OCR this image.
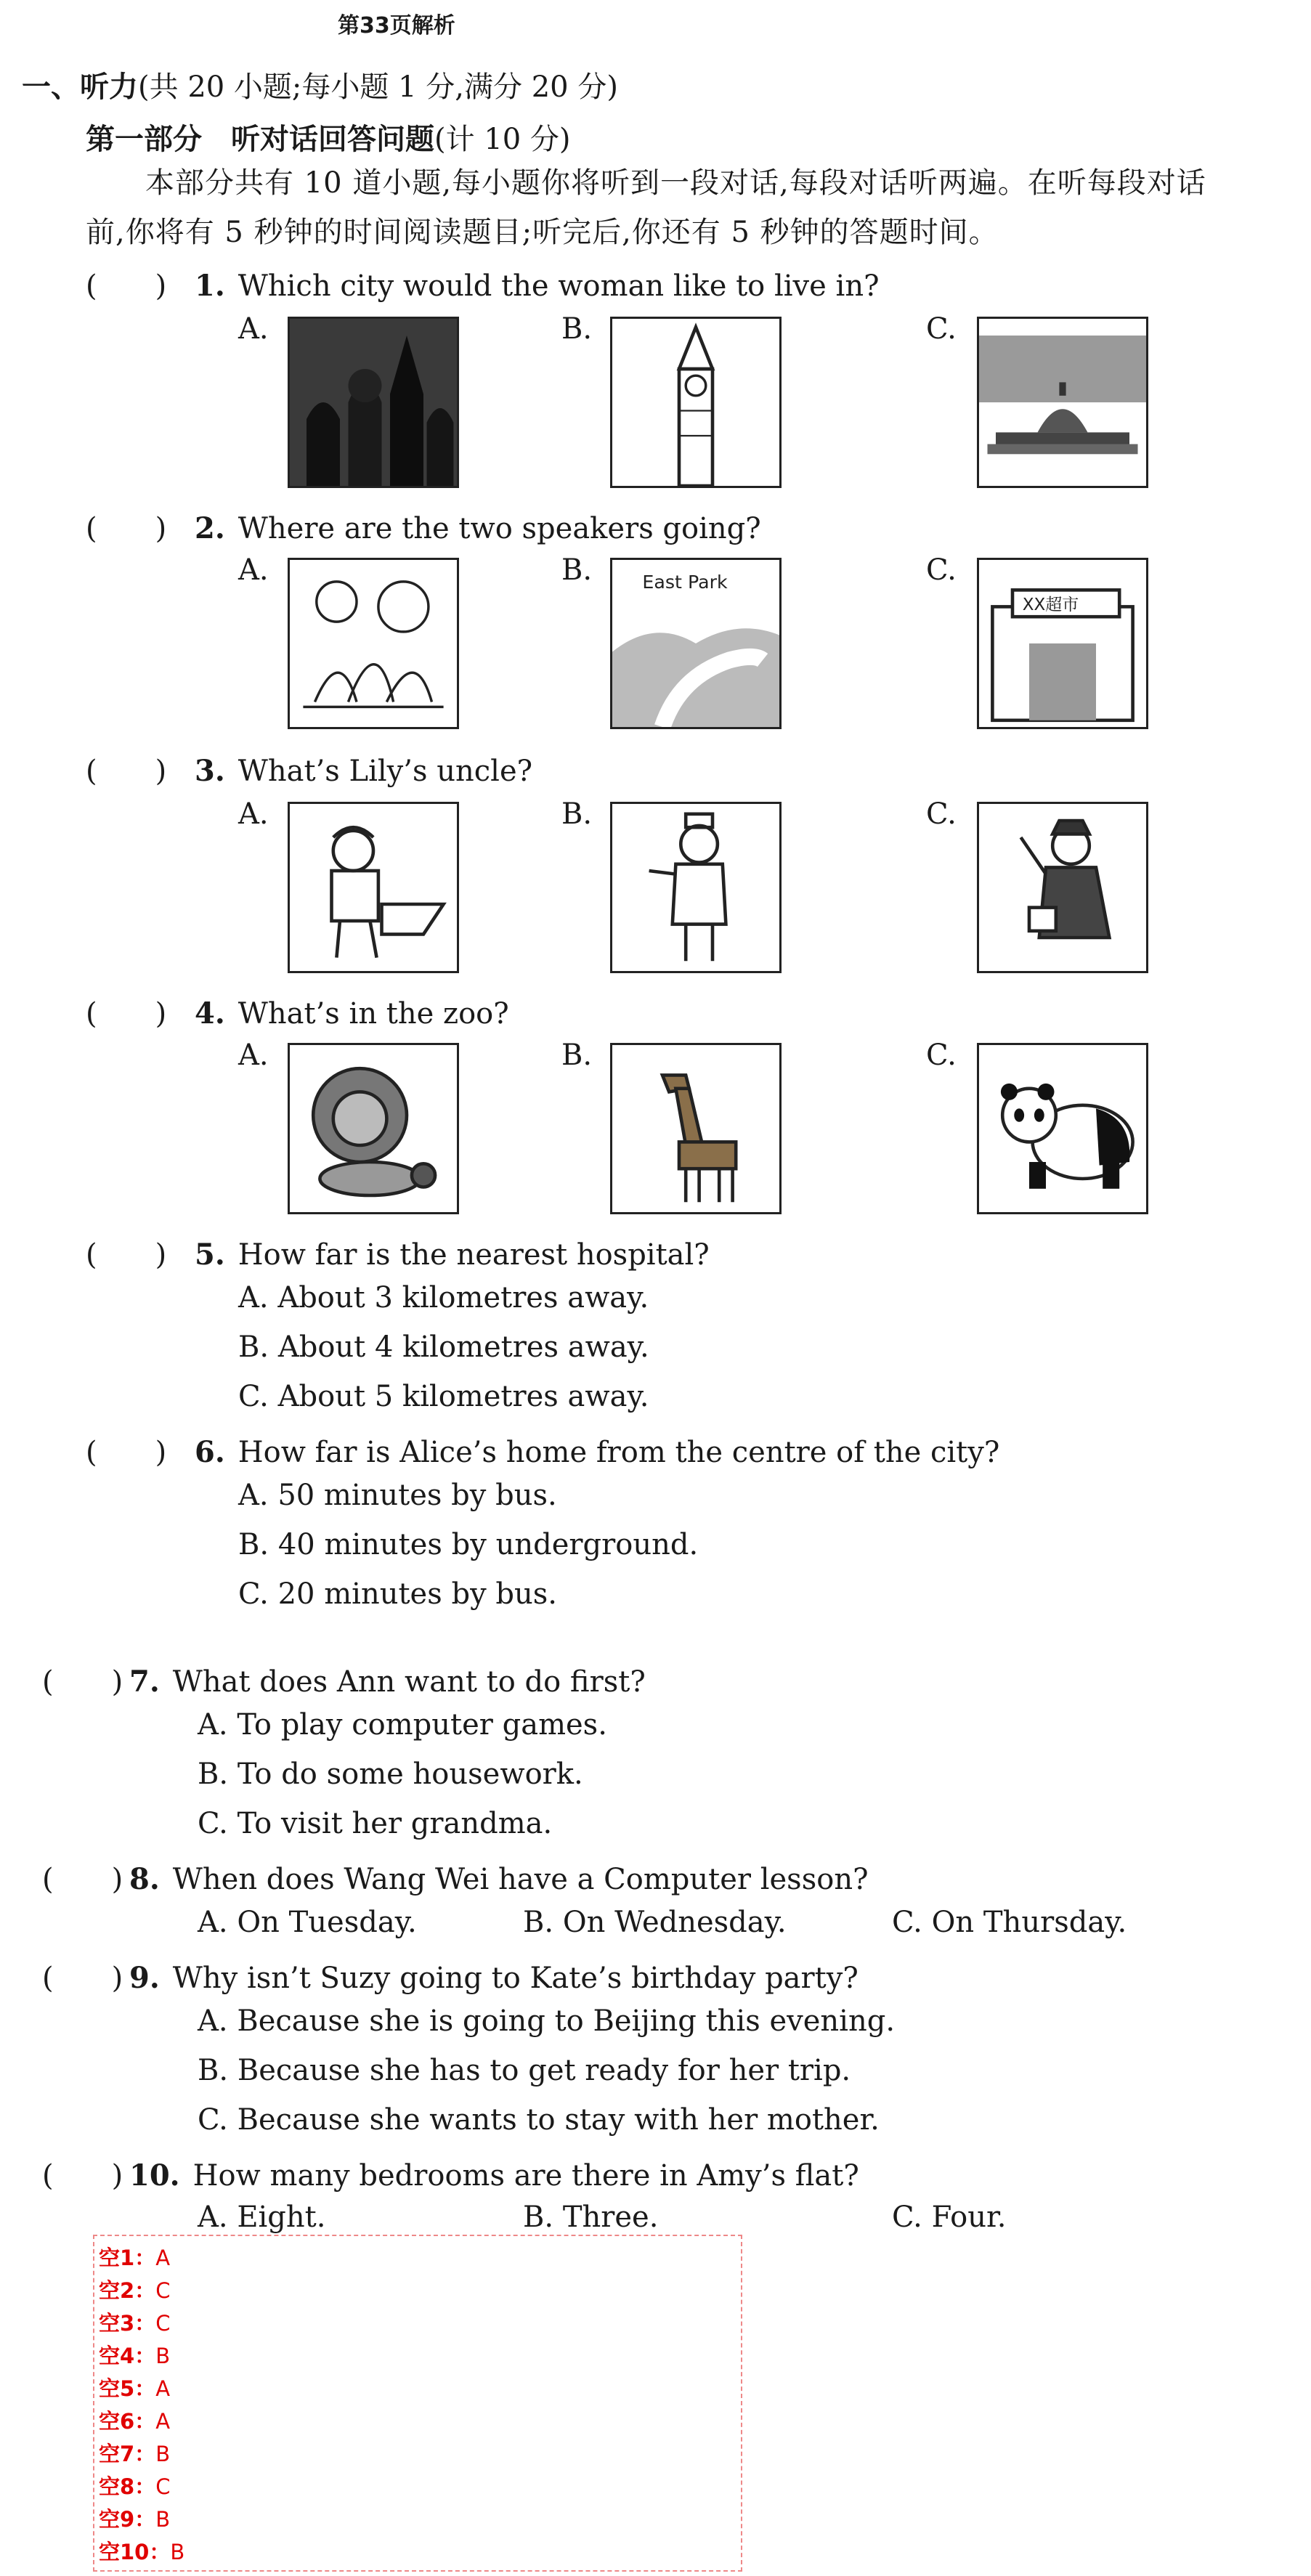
第33页解析
一、听力(共 20 小题;每小题 1 分,满分 20 分)
第一部分　听对话回答问题(计 10 分)
本部分共有 10 道小题,每小题你将听到一段对话,每段对话听两遍。在听每段对话前,你将有 5 秒钟的时间阅读题目;听完后,你还有 5 秒钟的答题时间。
(　　) 1. Which city would the woman like to live in?
A.	B.	C.
(　　) 2. Where are the two speakers going?
A.	B.	C.
East Park
XX超市
(　　) 3. What’s Lily’s uncle?
A.	B.	C.
(　　) 4. What’s in the zoo?
A.	B.	C.
(　　) 5. How far is the nearest hospital?
A. About 3 kilometres away.
B. About 4 kilometres away.
C. About 5 kilometres away.
(　　) 6. How far is Alice’s home from the centre of the city?
A. 50 minutes by bus.
B. 40 minutes by underground.
C. 20 minutes by bus.
(　　) 7. What does Ann want to do first?
A. To play computer games.
B. To do some housework.
C. To visit her grandma.
(　　) 8. When does Wang Wei have a Computer lesson?
A. On Tuesday.	B. On Wednesday.	C. On Thursday.
(　　) 9. Why isn’t Suzy going to Kate’s birthday party?
A. Because she is going to Beijing this evening.
B. Because she has to get ready for her trip.
C. Because she wants to stay with her mother.
(　　) 10. How many bedrooms are there in Amy’s flat?
A. Eight.	B. Three.	C. Four.
空1：A
空2：C
空3：C
空4：B
空5：A
空6：A
空7：B
空8：C
空9：B
空10：B
